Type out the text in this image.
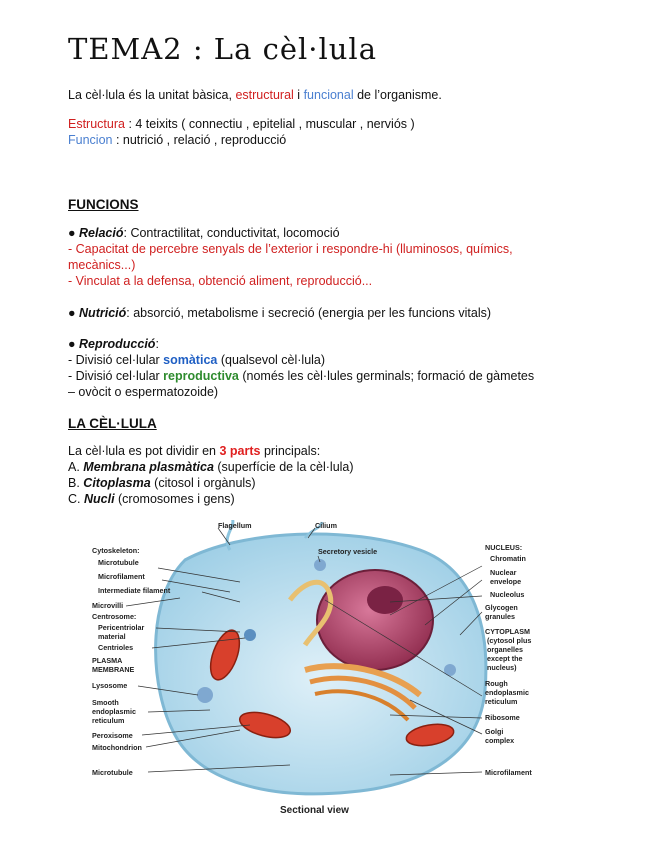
TEMA2 : La cèl·lula
La cèl·lula és la unitat bàsica, estructural i funcional de l’organisme.
Estructura : 4 teixits ( connectiu , epitelial , muscular , nerviós )
Funcion : nutrició , relació , reproducció
FUNCIONS
● Relació: Contractilitat, conductivitat, locomoció
- Capacitat de percebre senyals de l’exterior i respondre-hi (lluminosos, químics,
mecànics...)
- Vinculat a la defensa, obtenció aliment, reproducció...
● Nutrició: absorció, metabolisme i secreció (energia per les funcions vitals)
● Reproducció:
- Divisió cel·lular somàtica (qualsevol cèl·lula)
- Divisió cel·lular reproductiva (només les cèl·lules germinals; formació de gàmetes
– ovòcit o espermatozoide)
LA CÈL·LULA
La cèl·lula es pot dividir en 3 parts principals:
A. Membrana plasmàtica (superfície de la cèl·lula)
B. Citoplasma (citosol i orgànuls)
C. Nucli (cromosomes i gens)
Cytoskeleton:
Microtubule
Microfilament
Intermediate filament
Microvilli
Centrosome:
Pericentriolar
material
Centrioles
PLASMA
MEMBRANE
Lysosome
Smooth
endoplasmic
reticulum
Peroxisome
Mitochondrion
Microtubule
Flagellum	Cilium
Secretory vesicle	NUCLEUS:
Chromatin
Nuclear
envelope
Nucleolus
Glycogen
granules
CYTOPLASM
(cytosol plus
organelles
except the
nucleus)
Rough
endoplasmic
reticulum
Ribosome
Golgi
complex
Microfilament
Sectional view
